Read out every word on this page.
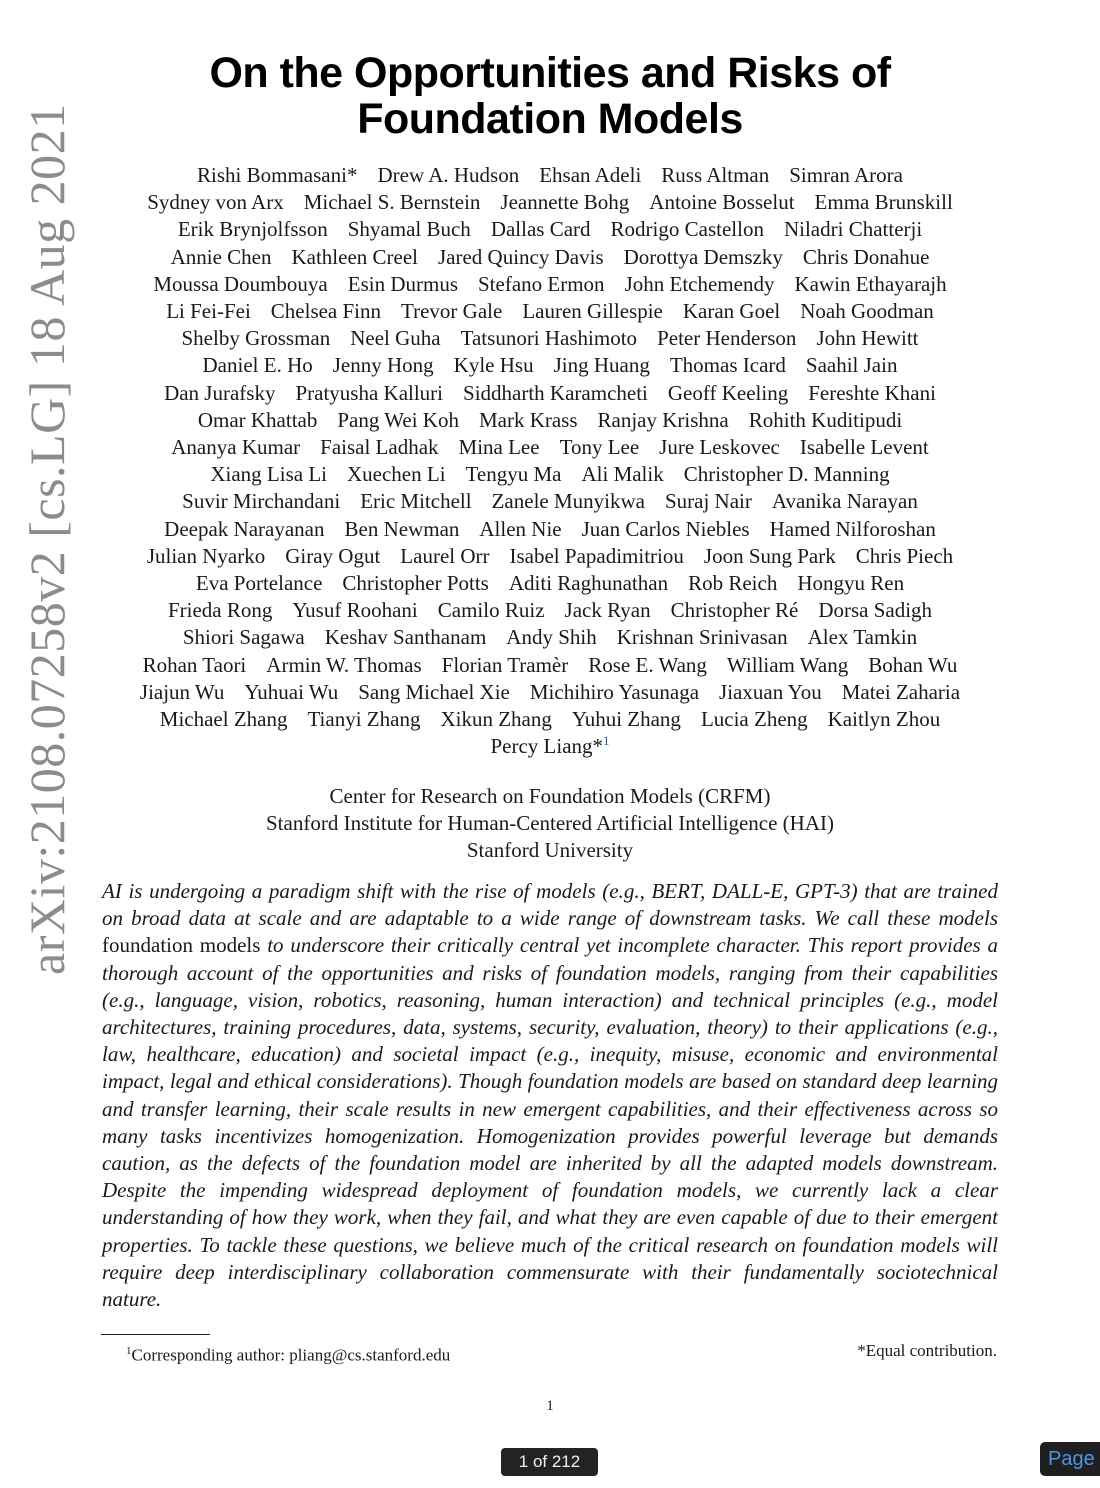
arXiv:2108.07258v2 [cs.LG] 18 Aug 2021
On the Opportunities and Risks of
Foundation Models
Rishi Bommasani* Drew A. Hudson Ehsan Adeli Russ Altman Simran Arora
Sydney von Arx Michael S. Bernstein Jeannette Bohg Antoine Bosselut Emma Brunskill
Erik Brynjolfsson Shyamal Buch Dallas Card Rodrigo Castellon Niladri Chatterji
Annie Chen Kathleen Creel Jared Quincy Davis Dorottya Demszky Chris Donahue
Moussa Doumbouya Esin Durmus Stefano Ermon John Etchemendy Kawin Ethayarajh
Li Fei-Fei Chelsea Finn Trevor Gale Lauren Gillespie Karan Goel Noah Goodman
Shelby Grossman Neel Guha Tatsunori Hashimoto Peter Henderson John Hewitt
Daniel E. Ho Jenny Hong Kyle Hsu Jing Huang Thomas Icard Saahil Jain
Dan Jurafsky Pratyusha Kalluri Siddharth Karamcheti Geoff Keeling Fereshte Khani
Omar Khattab Pang Wei Koh Mark Krass Ranjay Krishna Rohith Kuditipudi
Ananya Kumar Faisal Ladhak Mina Lee Tony Lee Jure Leskovec Isabelle Levent
Xiang Lisa Li Xuechen Li Tengyu Ma Ali Malik Christopher D. Manning
Suvir Mirchandani Eric Mitchell Zanele Munyikwa Suraj Nair Avanika Narayan
Deepak Narayanan Ben Newman Allen Nie Juan Carlos Niebles Hamed Nilforoshan
Julian Nyarko Giray Ogut Laurel Orr Isabel Papadimitriou Joon Sung Park Chris Piech
Eva Portelance Christopher Potts Aditi Raghunathan Rob Reich Hongyu Ren
Frieda Rong Yusuf Roohani Camilo Ruiz Jack Ryan Christopher Ré Dorsa Sadigh
Shiori Sagawa Keshav Santhanam Andy Shih Krishnan Srinivasan Alex Tamkin
Rohan Taori Armin W. Thomas Florian Tramèr Rose E. Wang William Wang Bohan Wu
Jiajun Wu Yuhuai Wu Sang Michael Xie Michihiro Yasunaga Jiaxuan You Matei Zaharia
Michael Zhang Tianyi Zhang Xikun Zhang Yuhui Zhang Lucia Zheng Kaitlyn Zhou
Percy Liang*$^1$
Center for Research on Foundation Models (CRFM)
Stanford Institute for Human-Centered Artificial Intelligence (HAI)
Stanford University
AI is undergoing a paradigm shift with the rise of models (e.g., BERT, DALL-E, GPT-3) that are trained on broad data at scale and are adaptable to a wide range of downstream tasks. We call these models foundation models to underscore their critically central yet incomplete character. This report provides a thorough account of the opportunities and risks of foundation models, ranging from their capabilities (e.g., language, vision, robotics, reasoning, human interaction) and technical principles (e.g., model architectures, training procedures, data, systems, security, evaluation, theory) to their applications (e.g., law, healthcare, education) and societal impact (e.g., inequity, misuse, economic and environmental impact, legal and ethical considerations). Though foundation models are based on standard deep learning and transfer learning, their scale results in new emergent capabilities, and their effectiveness across so many tasks incentivizes homogenization. Homogenization provides powerful leverage but demands caution, as the defects of the foundation model are inherited by all the adapted models downstream. Despite the impending widespread deployment of foundation models, we currently lack a clear understanding of how they work, when they fail, and what they are even capable of due to their emergent properties. To tackle these questions, we believe much of the critical research on foundation models will require deep interdisciplinary collaboration commensurate with their fundamentally sociotechnical nature.
$^1$Corresponding author: pliang@cs.stanford.edu	*Equal contribution.
1
1 of 212	Page
